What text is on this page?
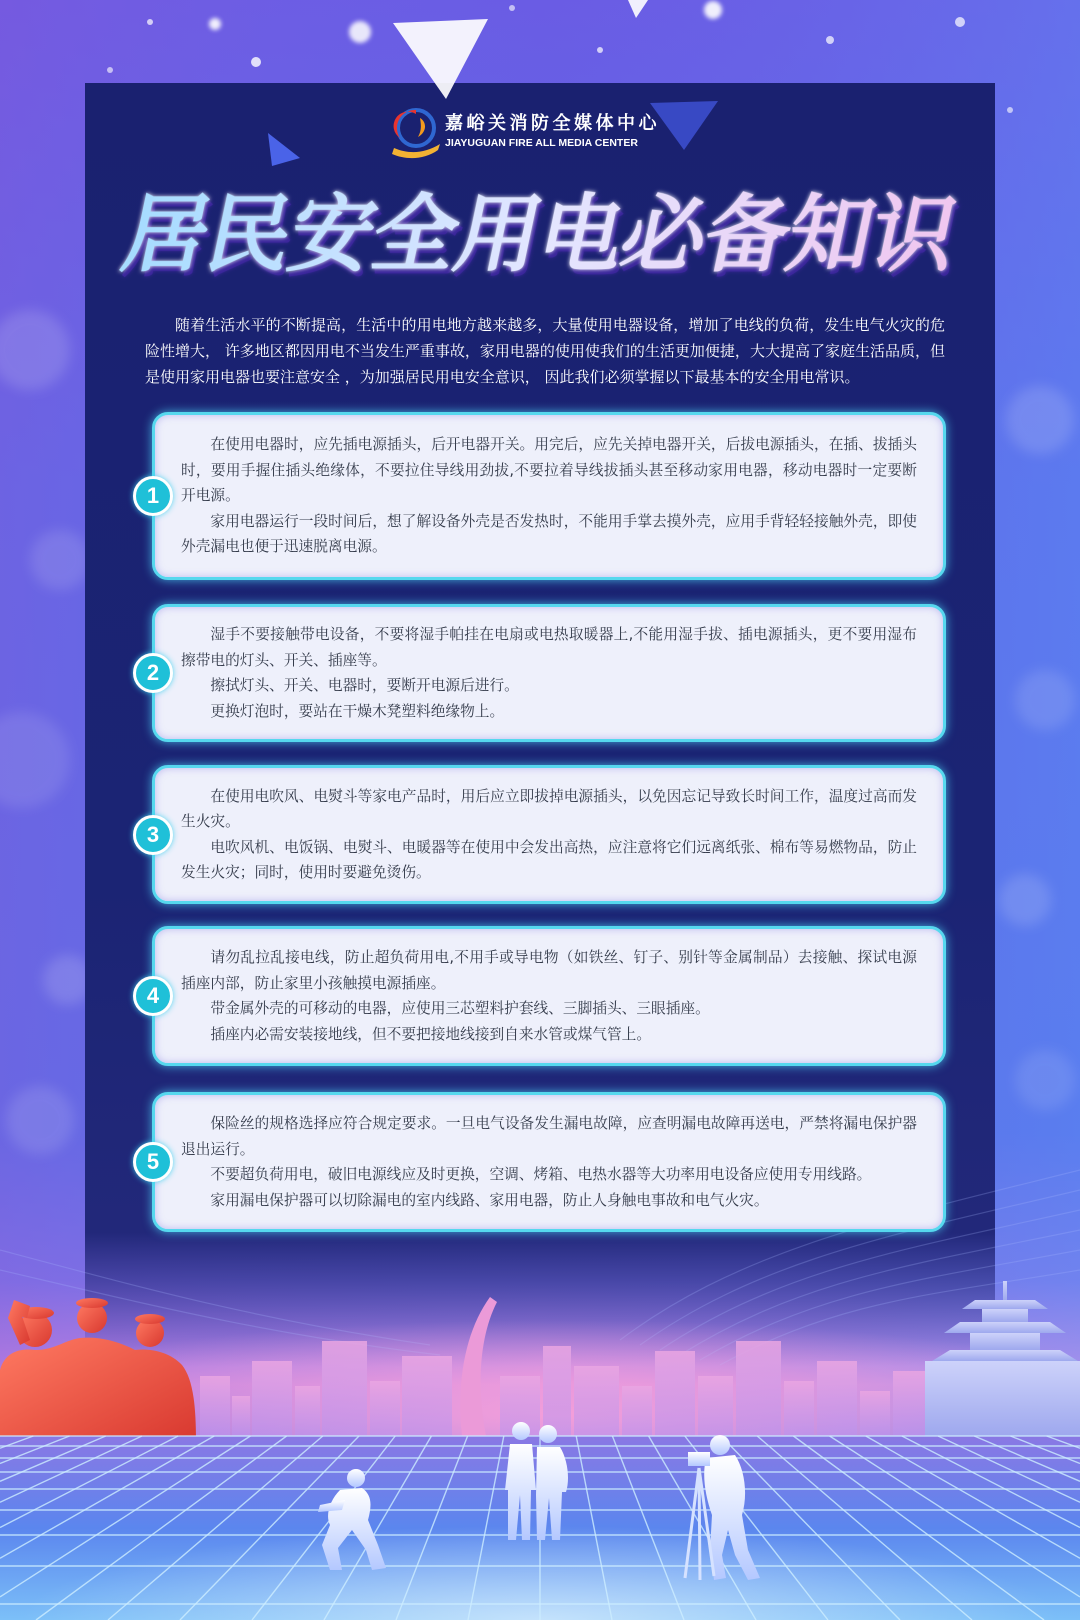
嘉峪关消防全媒体中心
JIAYUGUAN FIRE ALL MEDIA CENTER
居民安全用电必备知识

随着生活水平的不断提高，生活中的用电地方越来越多，大量使用电器设备，增加了电线的负荷，发生电气火灾的危险性增大， 许多地区都因用电不当发生严重事故，家用电器的使用使我们的生活更加便捷，大大提高了家庭生活品质，但是使用家用电器也要注意安全 ，为加强居民用电安全意识， 因此我们必须掌握以下最基本的安全用电常识。

1

在使用电器时，应先插电源插头，后开电器开关。用完后，应先关掉电器开关，后拔电源插头，在插、拔插头时，要用手握住插头绝缘体，不要拉住导线用劲拔,不要拉着导线拔插头甚至移动家用电器，移动电器时一定要断开电源。

家用电器运行一段时间后，想了解设备外壳是否发热时，不能用手掌去摸外壳，应用手背轻轻接触外壳，即使外壳漏电也便于迅速脱离电源。

2

湿手不要接触带电设备，不要将湿手帕挂在电扇或电热取暖器上,不能用湿手拔、插电源插头，更不要用湿布擦带电的灯头、开关、插座等。

擦拭灯头、开关、电器时，要断开电源后进行。

更换灯泡时，要站在干燥木凳塑料绝缘物上。

3

在使用电吹风、电熨斗等家电产品时，用后应立即拔掉电源插头，以免因忘记导致长时间工作，温度过高而发生火灾。

电吹风机、电饭锅、电熨斗、电暖器等在使用中会发出高热，应注意将它们远离纸张、棉布等易燃物品，防止发生火灾；同时，使用时要避免烫伤。

4

请勿乱拉乱接电线，防止超负荷用电,不用手或导电物（如铁丝、钉子、别针等金属制品）去接触、探试电源插座内部，防止家里小孩触摸电源插座。

带金属外壳的可移动的电器，应使用三芯塑料护套线、三脚插头、三眼插座。

插座内必需安装接地线，但不要把接地线接到自来水管或煤气管上。

5

保险丝的规格选择应符合规定要求。一旦电气设备发生漏电故障，应查明漏电故障再送电，严禁将漏电保护器退出运行。

不要超负荷用电，破旧电源线应及时更换，空调、烤箱、电热水器等大功率用电设备应使用专用线路。

家用漏电保护器可以切除漏电的室内线路、家用电器，防止人身触电事故和电气火灾。
